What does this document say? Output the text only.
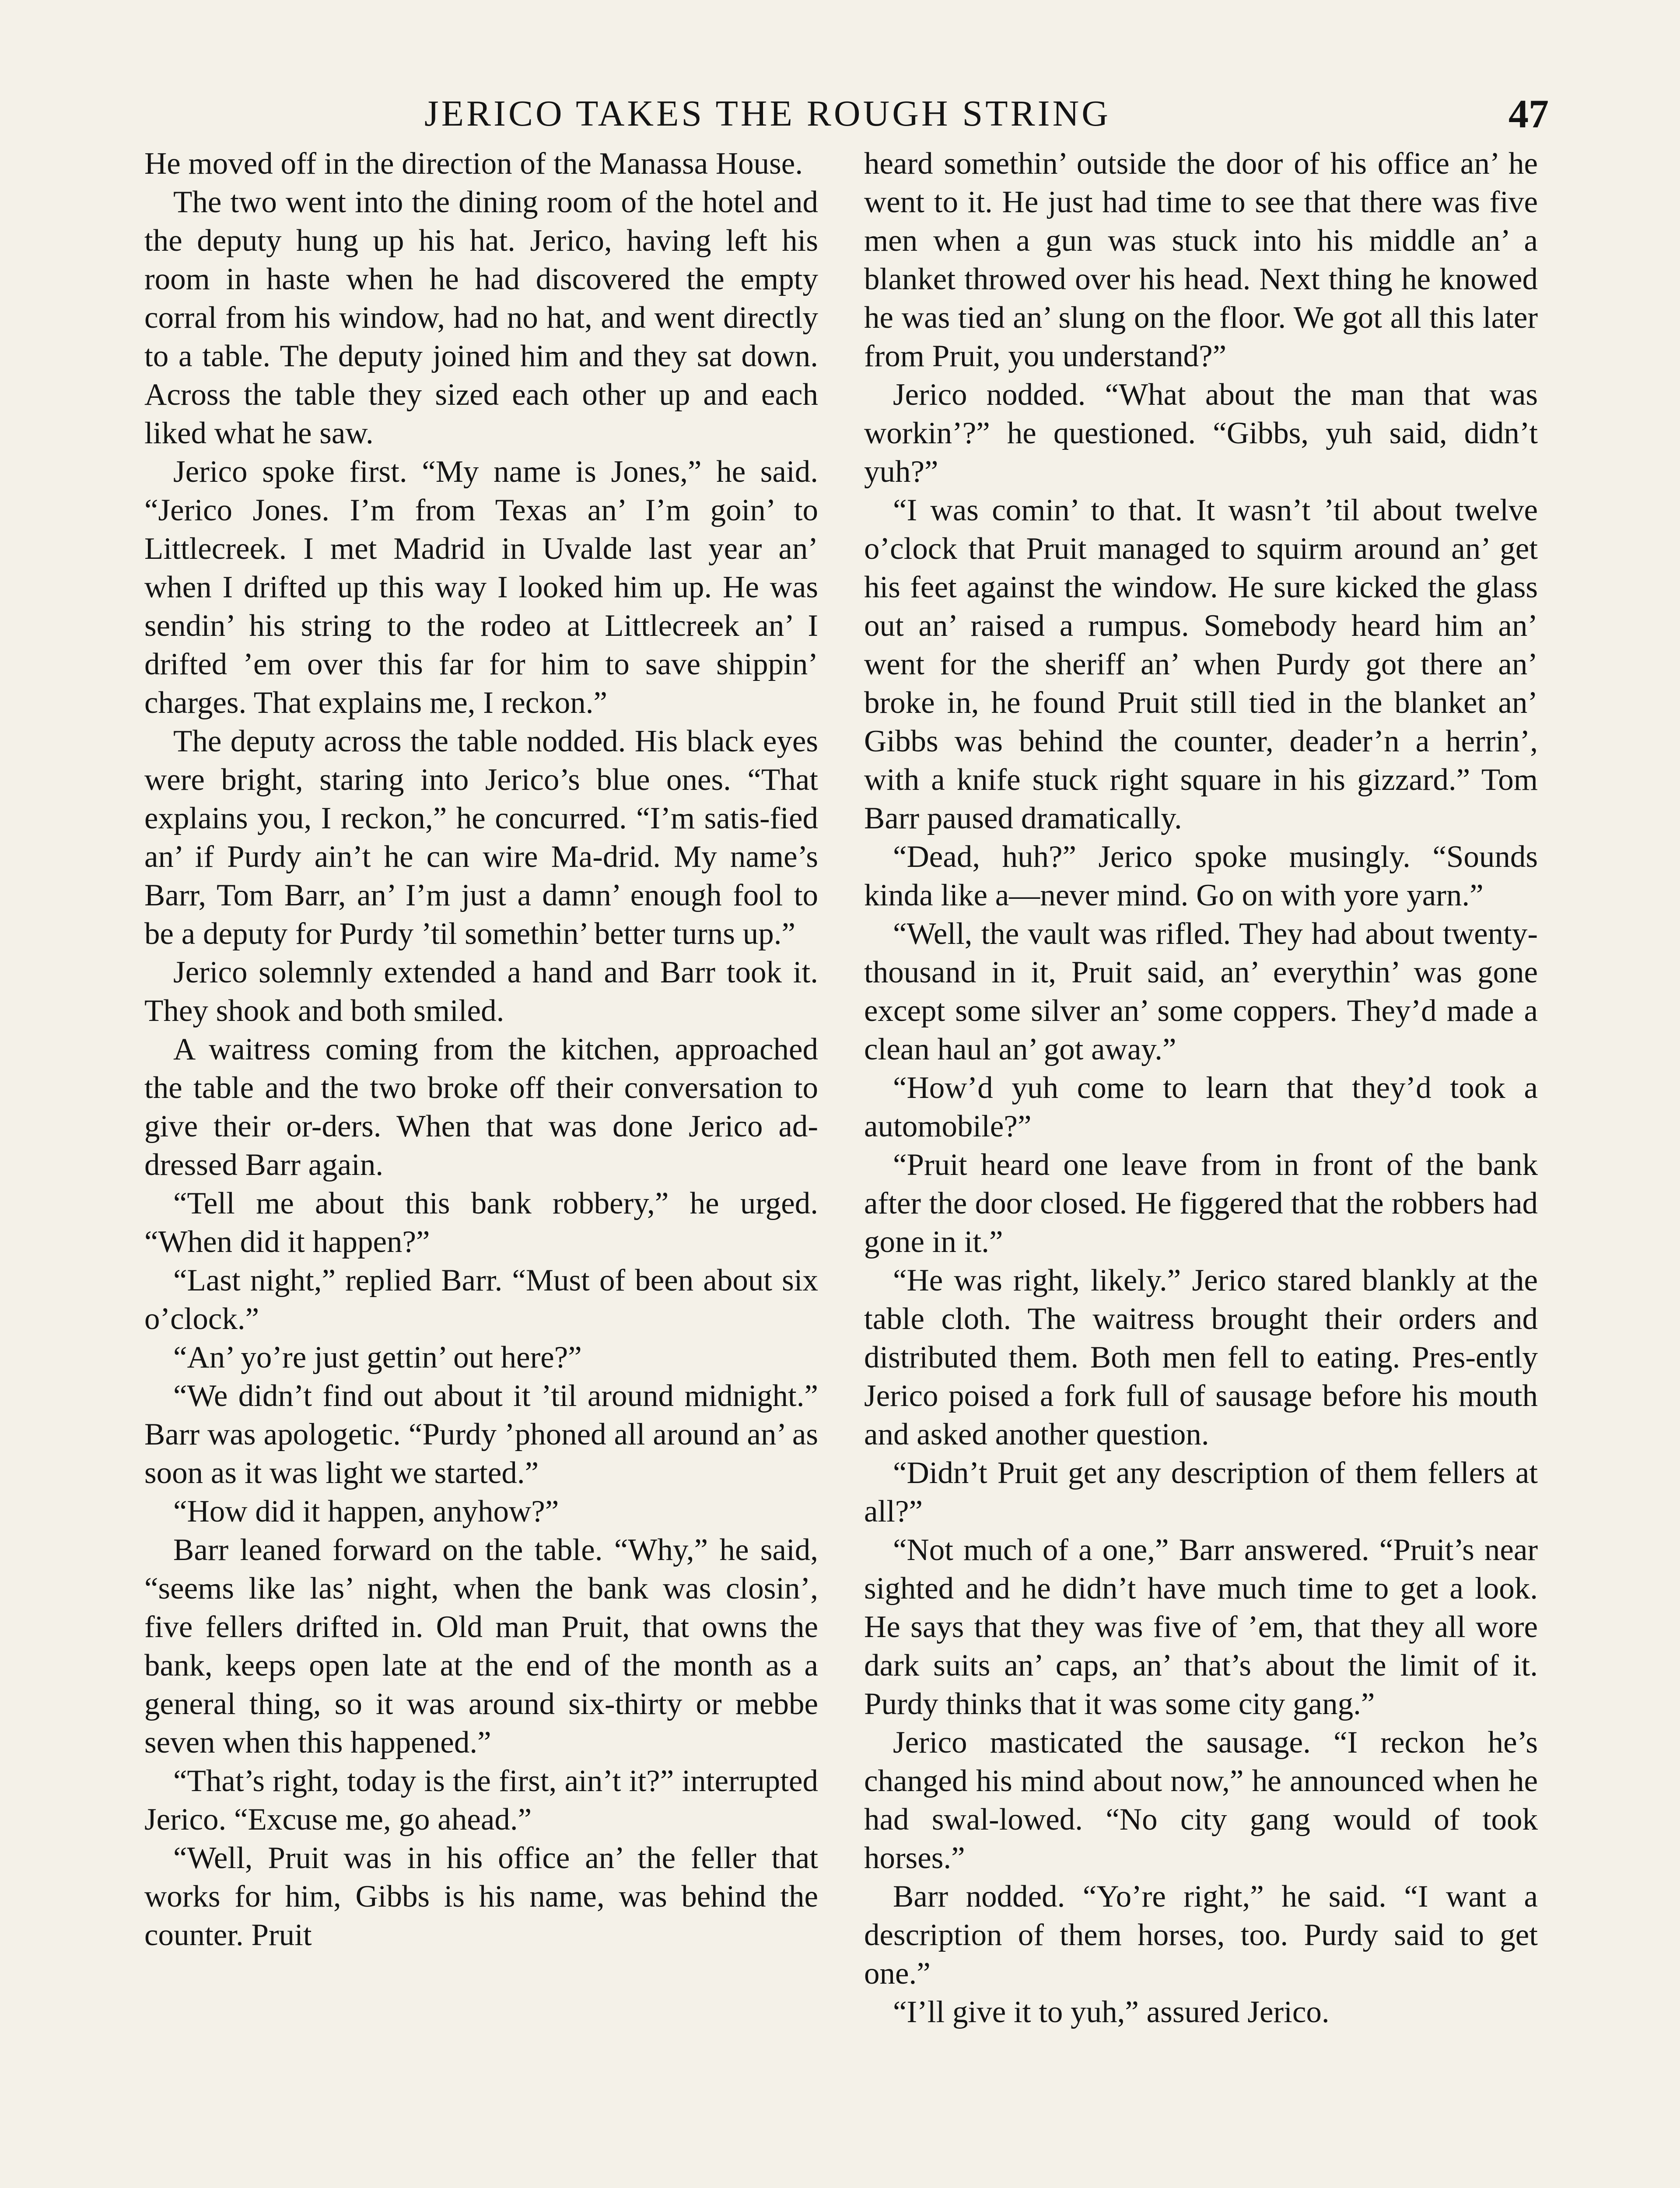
JERICO TAKES THE ROUGH STRING	47

He moved off in the direction of the Manassa House.

The two went into the dining room of the hotel and the deputy hung up his hat. Jerico, having left his room in haste when he had discovered the empty corral from his window, had no hat, and went directly to a table. The deputy joined him and they sat down. Across the table they sized each other up and each liked what he saw.

Jerico spoke first. “My name is Jones,” he said. “Jerico Jones. I’m from Texas an’ I’m goin’ to Littlecreek. I met Madrid in Uvalde last year an’ when I drifted up this way I looked him up. He was sendin’ his string to the rodeo at Littlecreek an’ I drifted ’em over this far for him to save shippin’ charges. That explains me, I reckon.”

The deputy across the table nodded. His black eyes were bright, staring into Jerico’s blue ones. “That explains you, I reckon,” he concurred. “I’m satis-fied an’ if Purdy ain’t he can wire Ma-drid. My name’s Barr, Tom Barr, an’ I’m just a damn’ enough fool to be a deputy for Purdy ’til somethin’ better turns up.”

Jerico solemnly extended a hand and Barr took it. They shook and both smiled.

A waitress coming from the kitchen, approached the table and the two broke off their conversation to give their or-ders. When that was done Jerico ad-dressed Barr again.

“Tell me about this bank robbery,” he urged. “When did it happen?”

“Last night,” replied Barr. “Must of been about six o’clock.”

“An’ yo’re just gettin’ out here?”

“We didn’t find out about it ’til around midnight.” Barr was apologetic. “Purdy ’phoned all around an’ as soon as it was light we started.”

“How did it happen, anyhow?”

Barr leaned forward on the table. “Why,” he said, “seems like las’ night, when the bank was closin’, five fellers drifted in. Old man Pruit, that owns the bank, keeps open late at the end of the month as a general thing, so it was around six-thirty or mebbe seven when this happened.”

“That’s right, today is the first, ain’t it?” interrupted Jerico. “Excuse me, go ahead.”

“Well, Pruit was in his office an’ the feller that works for him, Gibbs is his name, was behind the counter. Pruit

heard somethin’ outside the door of his office an’ he went to it. He just had time to see that there was five men when a gun was stuck into his middle an’ a blanket throwed over his head. Next thing he knowed he was tied an’ slung on the floor. We got all this later from Pruit, you understand?”

Jerico nodded. “What about the man that was workin’?” he questioned. “Gibbs, yuh said, didn’t yuh?”

“I was comin’ to that. It wasn’t ’til about twelve o’clock that Pruit managed to squirm around an’ get his feet against the window. He sure kicked the glass out an’ raised a rumpus. Somebody heard him an’ went for the sheriff an’ when Purdy got there an’ broke in, he found Pruit still tied in the blanket an’ Gibbs was behind the counter, deader’n a herrin’, with a knife stuck right square in his gizzard.” Tom Barr paused dramatically.

“Dead, huh?” Jerico spoke musingly. “Sounds kinda like a—never mind. Go on with yore yarn.”

“Well, the vault was rifled. They had about twenty-thousand in it, Pruit said, an’ everythin’ was gone except some silver an’ some coppers. They’d made a clean haul an’ got away.”

“How’d yuh come to learn that they’d took a automobile?”

“Pruit heard one leave from in front of the bank after the door closed. He figgered that the robbers had gone in it.”

“He was right, likely.” Jerico stared blankly at the table cloth. The waitress brought their orders and distributed them. Both men fell to eating. Pres-ently Jerico poised a fork full of sausage before his mouth and asked another question.

“Didn’t Pruit get any description of them fellers at all?”

“Not much of a one,” Barr answered. “Pruit’s near sighted and he didn’t have much time to get a look. He says that they was five of ’em, that they all wore dark suits an’ caps, an’ that’s about the limit of it. Purdy thinks that it was some city gang.”

Jerico masticated the sausage. “I reckon he’s changed his mind about now,” he announced when he had swal-lowed. “No city gang would of took horses.”

Barr nodded. “Yo’re right,” he said. “I want a description of them horses, too. Purdy said to get one.”

“I’ll give it to yuh,” assured Jerico.
